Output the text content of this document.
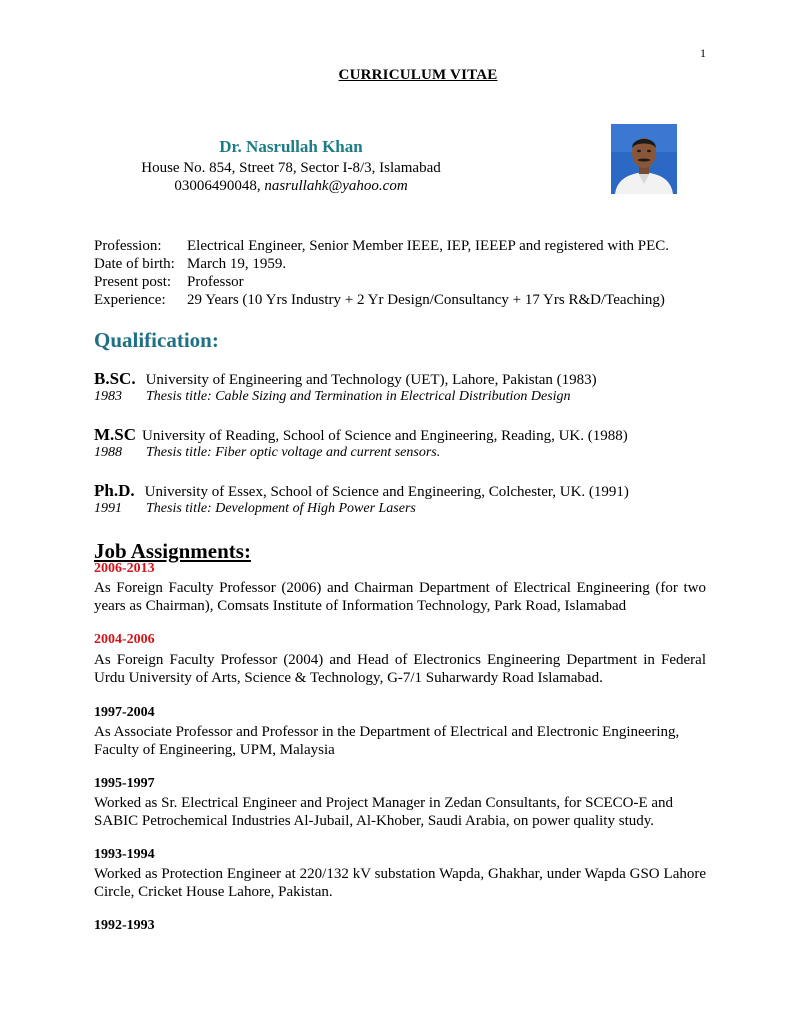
1
CURRICULUM VITAE
Dr. Nasrullah Khan
House No. 854, Street 78, Sector I-8/3, Islamabad
03006490048, nasrullahk@yahoo.com
Profession: Electrical Engineer, Senior Member IEEE, IEP, IEEEP and registered with PEC.
Date of birth: March 19, 1959.
Present post: Professor
Experience: 29 Years (10 Yrs Industry + 2 Yr Design/Consultancy + 17 Yrs R&D/Teaching)
Qualification:
B.SC. University of Engineering and Technology (UET), Lahore, Pakistan (1983)
1983 Thesis title: Cable Sizing and Termination in Electrical Distribution Design
M.SC University of Reading, School of Science and Engineering, Reading, UK. (1988)
1988 Thesis title: Fiber optic voltage and current sensors.
Ph.D. University of Essex, School of Science and Engineering, Colchester, UK. (1991)
1991 Thesis title: Development of High Power Lasers
Job Assignments:
2006-2013
As Foreign Faculty Professor (2006) and Chairman Department of Electrical Engineering (for two years as Chairman), Comsats Institute of Information Technology, Park Road, Islamabad
2004-2006
As Foreign Faculty Professor (2004) and Head of Electronics Engineering Department in Federal Urdu University of Arts, Science & Technology, G-7/1 Suharwardy Road Islamabad.
1997-2004
As Associate Professor and Professor in the Department of Electrical and Electronic Engineering, Faculty of Engineering, UPM, Malaysia
1995-1997
Worked as Sr. Electrical Engineer and Project Manager in Zedan Consultants, for SCECO-E and SABIC Petrochemical Industries Al-Jubail, Al-Khober, Saudi Arabia, on power quality study.
1993-1994
Worked as Protection Engineer at 220/132 kV substation Wapda, Ghakhar, under Wapda GSO Lahore Circle, Cricket House Lahore, Pakistan.
1992-1993
